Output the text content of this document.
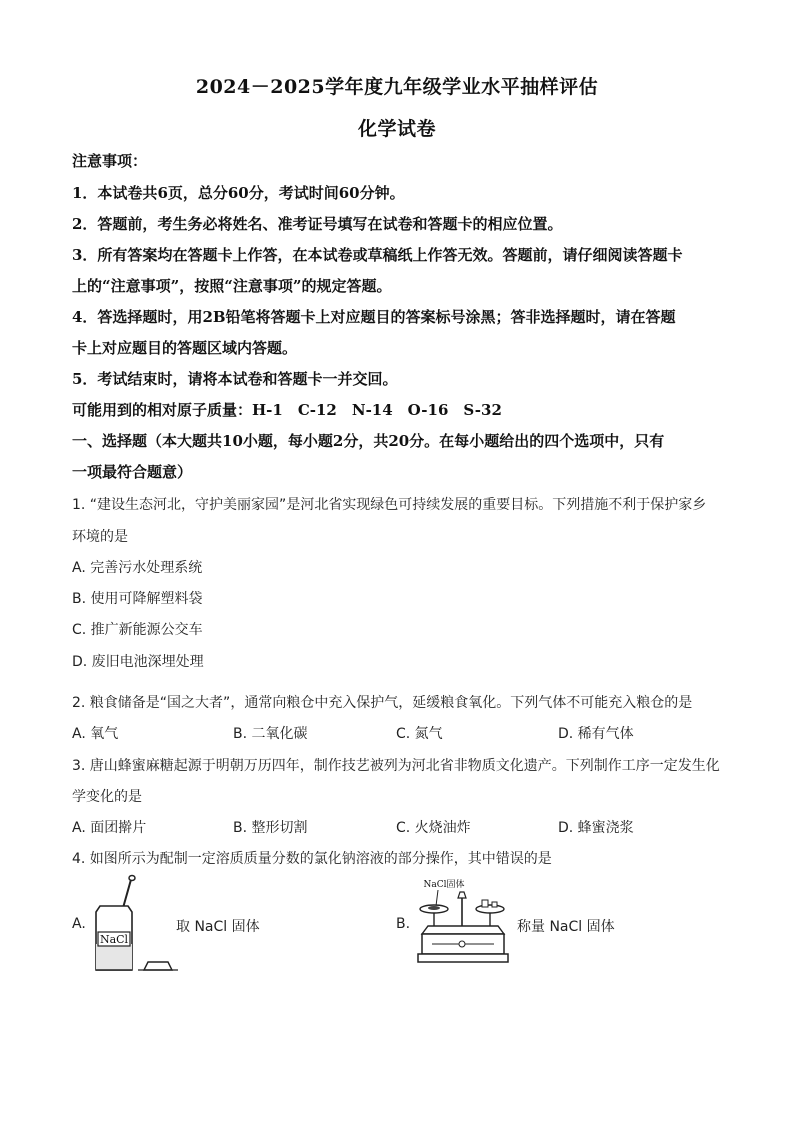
2024－2025学年度九年级学业水平抽样评估
化学试卷
注意事项：
1．本试卷共6页，总分60分，考试时间60分钟。
2．答题前，考生务必将姓名、准考证号填写在试卷和答题卡的相应位置。
3．所有答案均在答题卡上作答，在本试卷或草稿纸上作答无效。答题前，请仔细阅读答题卡
上的“注意事项”，按照“注意事项”的规定答题。
4．答选择题时，用2B铅笔将答题卡上对应题目的答案标号涂黑；答非选择题时，请在答题
卡上对应题目的答题区域内答题。
5．考试结束时，请将本试卷和答题卡一并交回。
可能用到的相对原子质量：H-1　C-12　N-14　O-16　S-32
一、选择题（本大题共10小题，每小题2分，共20分。在每小题给出的四个选项中，只有
一项最符合题意）
1. “建设生态河北，守护美丽家园”是河北省实现绿色可持续发展的重要目标。下列措施不利于保护家乡
环境的是
A. 完善污水处理系统
B. 使用可降解塑料袋
C. 推广新能源公交车
D. 废旧电池深埋处理
2. 粮食储备是“国之大者”，通常向粮仓中充入保护气，延缓粮食氧化。下列气体不可能充入粮仓的是
A. 氧气	B. 二氧化碳	C. 氮气	D. 稀有气体
3. 唐山蜂蜜麻糖起源于明朝万历四年，制作技艺被列为河北省非物质文化遗产。下列制作工序一定发生化
学变化的是
A. 面团擀片	B. 整形切割	C. 火烧油炸	D. 蜂蜜浇浆
4. 如图所示为配制一定溶质质量分数的氯化钠溶液的部分操作，其中错误的是
A.
NaCl
取 NaCl 固体	B.
NaCl固体
称量 NaCl 固体
